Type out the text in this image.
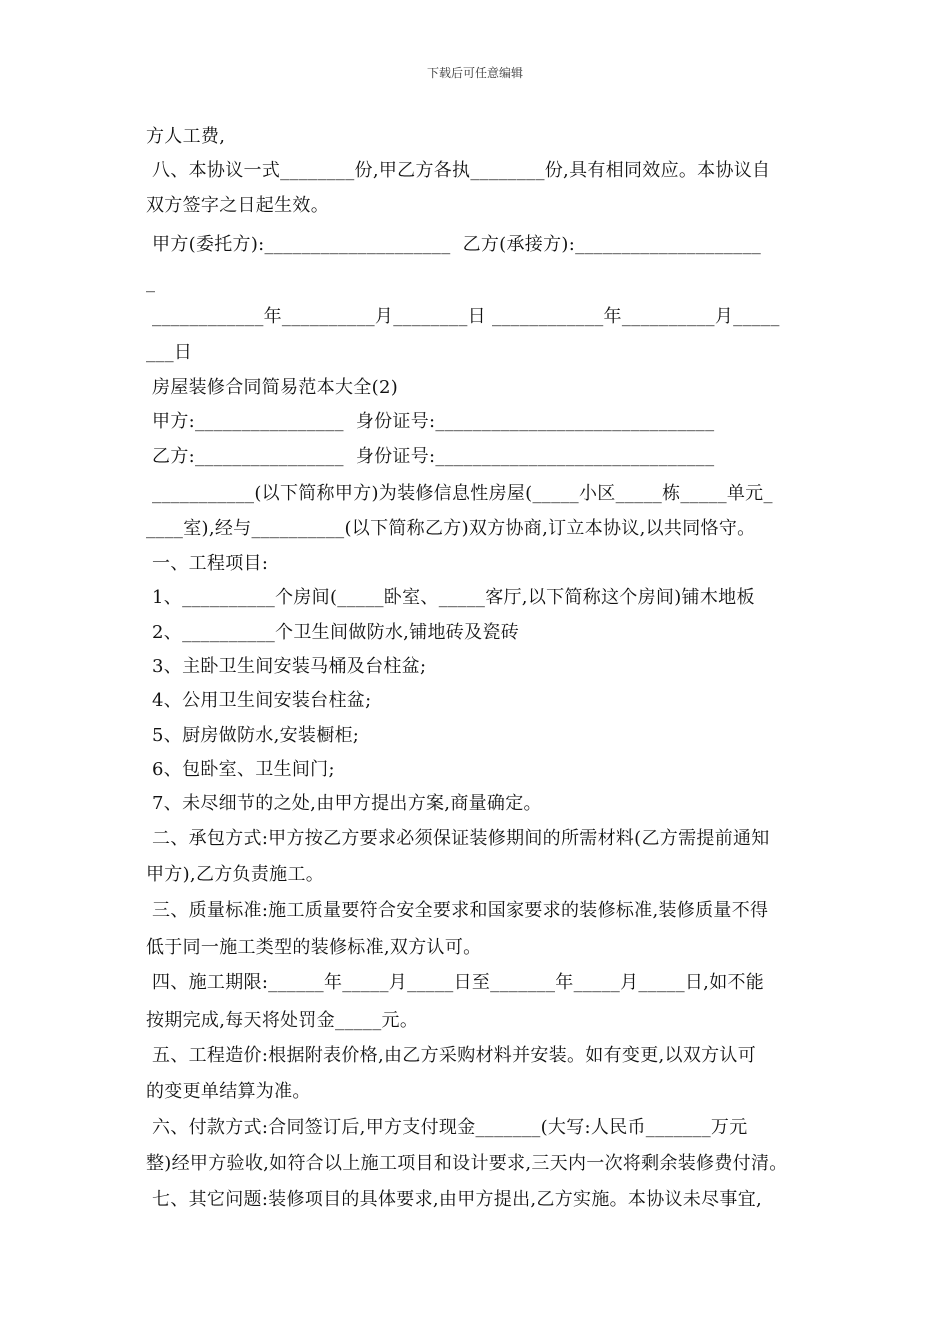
下载后可任意编辑
方人工费,
八、本协议一式________份,甲乙方各执________份,具有相同效应。本协议自
双方签字之日起生效。
甲方(委托方):____________________  乙方(承接方):____________________
_
____________年__________月________日 ____________年__________月_____
___日
房屋装修合同简易范本大全(2)
甲方:________________  身份证号:______________________________
乙方:________________  身份证号:______________________________
___________(以下简称甲方)为装修信息性房屋(_____小区_____栋_____单元_
____室),经与__________(以下简称乙方)双方协商,订立本协议,以共同恪守。
一、工程项目:
1、__________个房间(_____卧室、_____客厅,以下简称这个房间)铺木地板
2、__________个卫生间做防水,铺地砖及瓷砖
3、主卧卫生间安装马桶及台柱盆;
4、公用卫生间安装台柱盆;
5、厨房做防水,安装橱柜;
6、包卧室、卫生间门;
7、未尽细节的之处,由甲方提出方案,商量确定。
二、承包方式:甲方按乙方要求必须保证装修期间的所需材料(乙方需提前通知
甲方),乙方负责施工。
三、质量标准:施工质量要符合安全要求和国家要求的装修标准,装修质量不得
低于同一施工类型的装修标准,双方认可。
四、施工期限:______年_____月_____日至_______年_____月_____日,如不能
按期完成,每天将处罚金_____元。
五、工程造价:根据附表价格,由乙方采购材料并安装。如有变更,以双方认可
的变更单结算为准。
六、付款方式:合同签订后,甲方支付现金_______(大写:人民币_______万元
整)经甲方验收,如符合以上施工项目和设计要求,三天内一次将剩余装修费付清。
七、其它问题:装修项目的具体要求,由甲方提出,乙方实施。本协议未尽事宜,
